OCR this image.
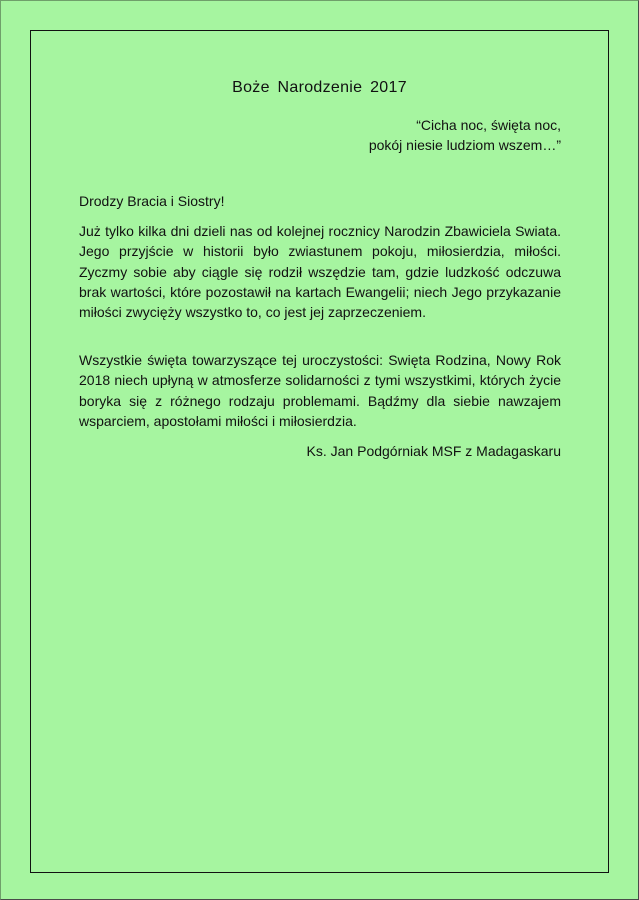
Boże Narodzenie 2017
“Cicha noc, święta noc,
pokój niesie ludziom wszem…”
Drodzy Bracia i Siostry!

Już tylko kilka dni dzieli nas od kolejnej rocznicy Narodzin Zbawiciela Swiata. Jego przyjście w historii było zwiastunem pokoju, miłosierdzia, miłości. Zyczmy sobie aby ciągle się rodził wszędzie tam, gdzie ludzkość odczuwa brak wartości, które pozostawił na kartach Ewangelii; niech Jego przykazanie miłości zwycięży wszystko to, co jest jej zaprzeczeniem.

Wszystkie święta towarzyszące tej uroczystości: Swięta Rodzina, Nowy Rok 2018 niech upłyną w atmosferze solidarności z tymi wszystkimi, których życie boryka się z różnego rodzaju problemami. Bądźmy dla siebie nawzajem wsparciem, apostołami miłości i miłosierdzia.

Ks. Jan Podgórniak MSF z Madagaskaru
